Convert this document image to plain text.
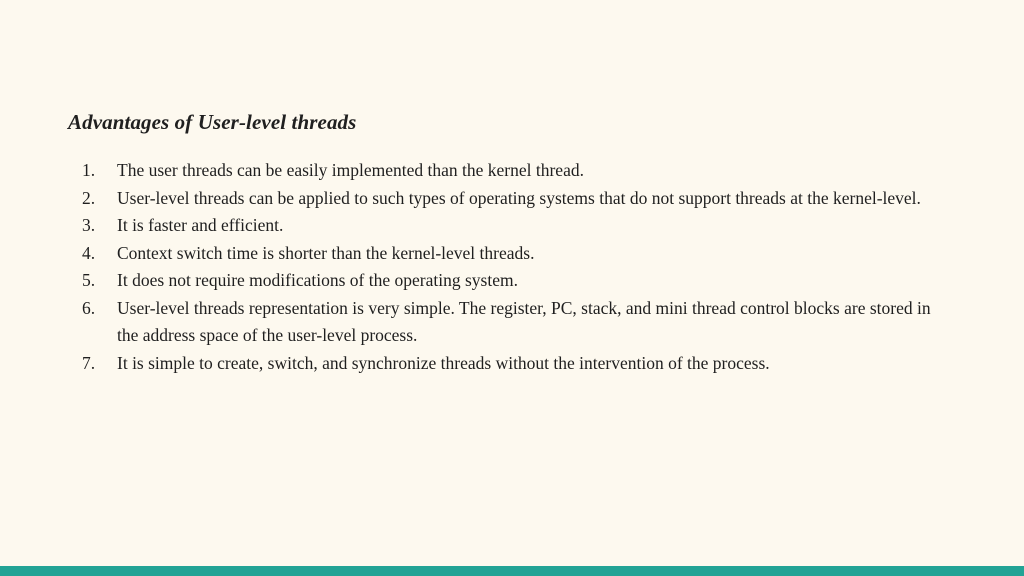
Advantages of User-level threads
1.	The user threads can be easily implemented than the kernel thread.
2.	User-level threads can be applied to such types of operating systems that do not support threads at the kernel-level.
3.	It is faster and efficient.
4.	Context switch time is shorter than the kernel-level threads.
5.	It does not require modifications of the operating system.
6.	User-level threads representation is very simple. The register, PC, stack, and mini thread control blocks are stored in the address space of the user-level process.
7.	It is simple to create, switch, and synchronize threads without the intervention of the process.
